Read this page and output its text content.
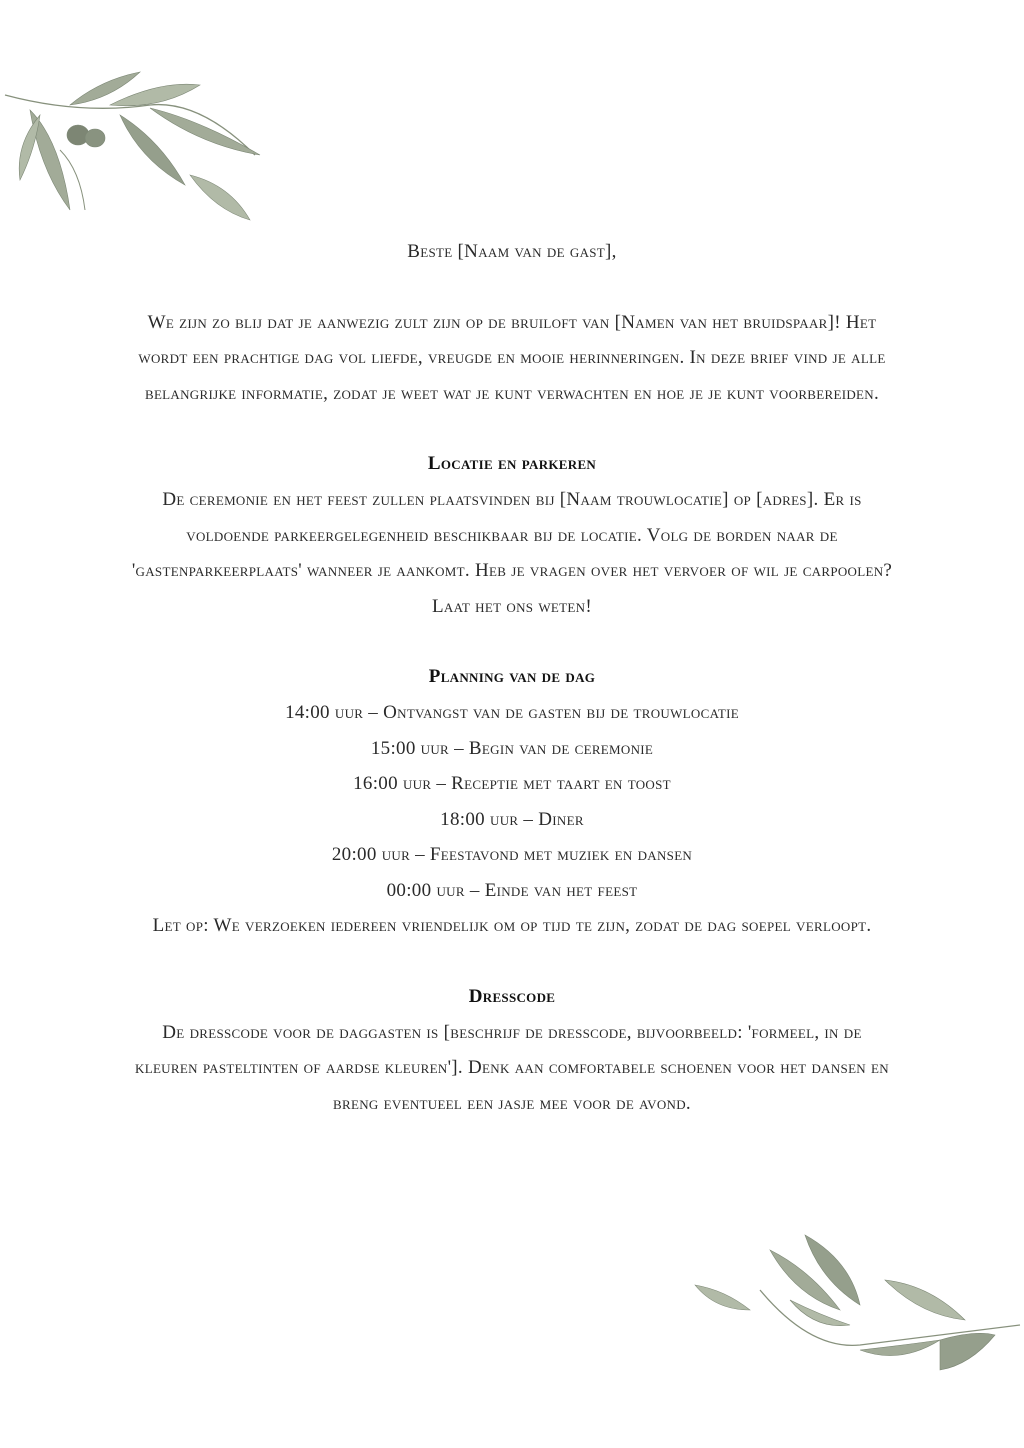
Beste [Naam van de gast],

We zijn zo blij dat je aanwezig zult zijn op de bruiloft van [Namen van het bruidspaar]! Het wordt een prachtige dag vol liefde, vreugde en mooie herinneringen. In deze brief vind je alle belangrijke informatie, zodat je weet wat je kunt verwachten en hoe je je kunt voorbereiden.

Locatie en parkeren

De ceremonie en het feest zullen plaatsvinden bij [Naam trouwlocatie] op [adres]. Er is voldoende parkeergelegenheid beschikbaar bij de locatie. Volg de borden naar de 'gastenparkeerplaats' wanneer je aankomt. Heb je vragen over het vervoer of wil je carpoolen? Laat het ons weten!

Planning van de dag

14:00 uur – Ontvangst van de gasten bij de trouwlocatie

15:00 uur – Begin van de ceremonie

16:00 uur – Receptie met taart en toost

18:00 uur – Diner

20:00 uur – Feestavond met muziek en dansen

00:00 uur – Einde van het feest

Let op: We verzoeken iedereen vriendelijk om op tijd te zijn, zodat de dag soepel verloopt.

Dresscode

De dresscode voor de daggasten is [beschrijf de dresscode, bijvoorbeeld: 'formeel, in de kleuren pasteltinten of aardse kleuren']. Denk aan comfortabele schoenen voor het dansen en breng eventueel een jasje mee voor de avond.
